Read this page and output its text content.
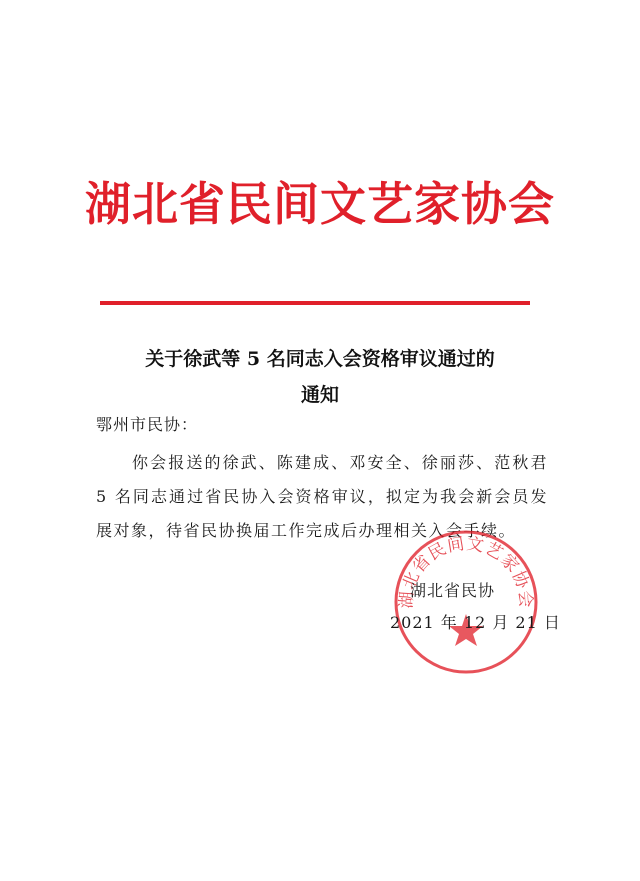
湖北省民间文艺家协会
关于徐武等 5 名同志入会资格审议通过的
通知
鄂州市民协：

你会报送的徐武、陈建成、邓安全、徐丽莎、范秋君 5 名同志通过省民协入会资格审议，拟定为我会新会员发展对象，待省民协换届工作完成后办理相关入会手续。

湖北省民间文艺家协会
湖北省民协
2021 年 12 月 21 日
